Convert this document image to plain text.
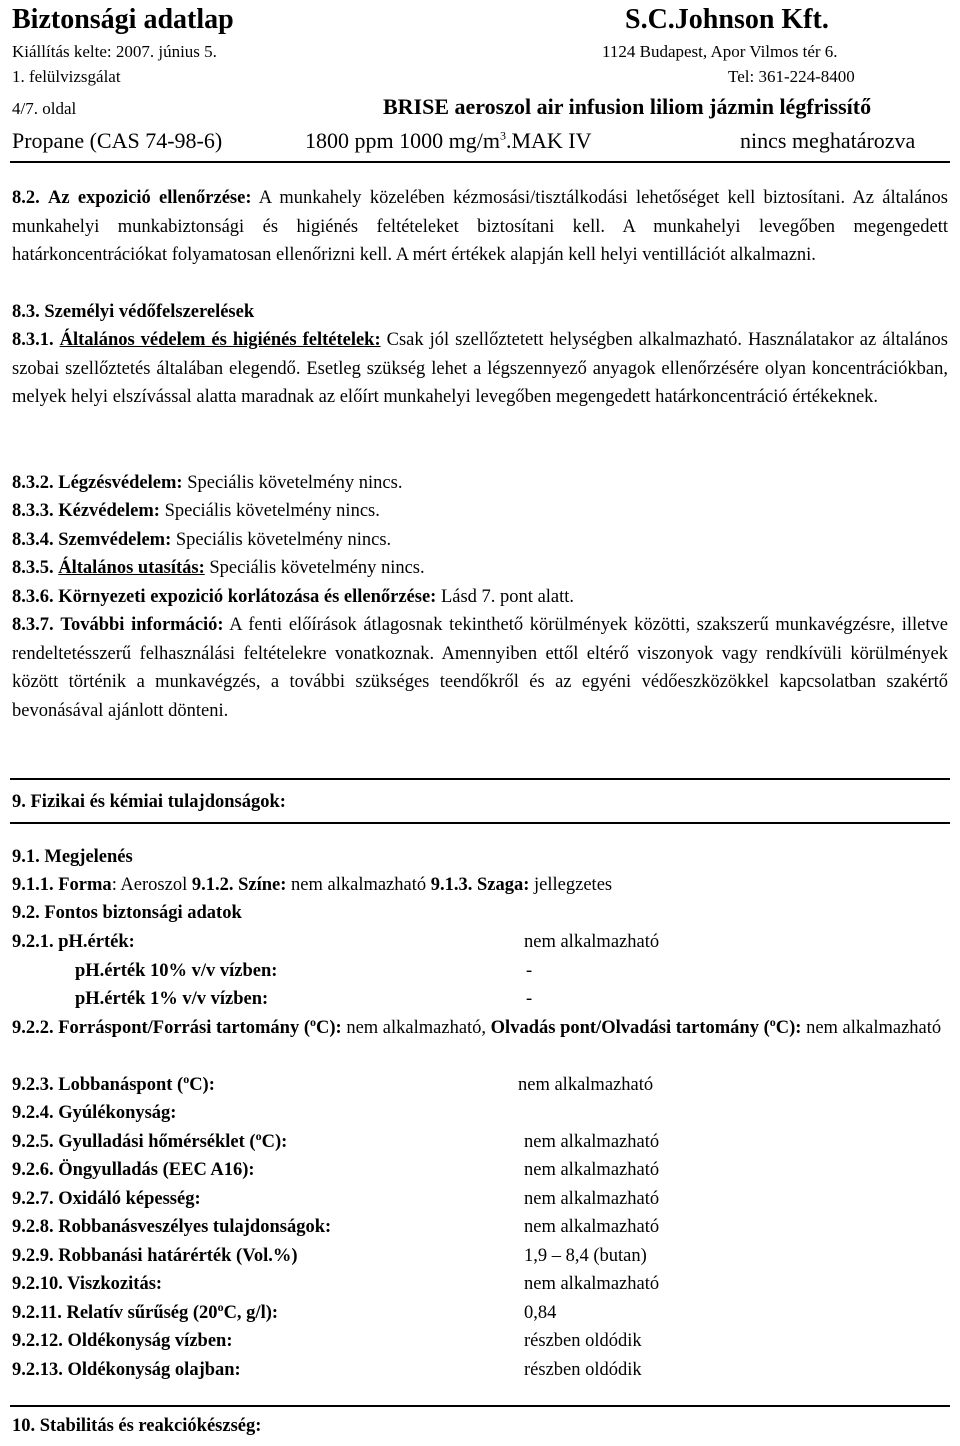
Biztonsági adatlap	S.C.Johnson Kft.
Kiállítás kelte: 2007. június 5.	1124 Budapest, Apor Vilmos tér 6.
1. felülvizsgálat	Tel: 361-224-8400
4/7. oldal	BRISE aeroszol air infusion liliom jázmin légfrissítő
Propane (CAS 74-98-6)	1800 ppm 1000 $mg/m^3.MAK$ IV	nincs meghatározva
8.2. Az expozició ellenőrzése: A munkahely közelében kézmosási/tisztálkodási lehetőséget kell biztosítani. Az általános munkahelyi munkabiztonsági és higiénés feltételeket biztosítani kell. A munkahelyi levegőben megengedett határkoncentrációkat folyamatosan ellenőrizni kell. A mért értékek alapján kell helyi ventillációt alkalmazni.
8.3. Személyi védőfelszerelések
8.3.1. Általános védelem és higiénés feltételek: Csak jól szellőztetett helységben alkalmazható. Használatakor az általános szobai szellőztetés általában elegendő. Esetleg szükség lehet a légszennyező anyagok ellenőrzésére olyan koncentrációkban, melyek helyi elszívással alatta maradnak az előírt munkahelyi levegőben megengedett határkoncentráció értékeknek.
8.3.2. Légzésvédelem: Speciális követelmény nincs.
8.3.3. Kézvédelem: Speciális követelmény nincs.
8.3.4. Szemvédelem: Speciális követelmény nincs.
8.3.5. Általános utasítás: Speciális követelmény nincs.
8.3.6. Környezeti expozició korlátozása és ellenőrzése: Lásd 7. pont alatt.
8.3.7. További információ: A fenti előírások átlagosnak tekinthető körülmények közötti, szakszerű munkavégzésre, illetve rendeltetésszerű felhasználási feltételekre vonatkoznak. Amennyiben ettől eltérő viszonyok vagy rendkívüli körülmények között történik a munkavégzés, a további szükséges teendőkről és az egyéni védőeszközökkel kapcsolatban szakértő bevonásával ajánlott dönteni.
9. Fizikai és kémiai tulajdonságok:
9.1. Megjelenés
9.1.1. Forma: Aeroszol 9.1.2. Színe: nem alkalmazható 9.1.3. Szaga: jellegzetes
9.2. Fontos biztonsági adatok
9.2.1. pH.érték:	nem alkalmazható
pH.érték 10% v/v vízben:	-
pH.érték 1% v/v vízben:	-
9.2.2. Forráspont/Forrási tartomány ($^o$C): nem alkalmazható, Olvadás pont/Olvadási tartomány ($^o$C): nem alkalmazható
9.2.3. Lobbanáspont ($^o$C):	nem alkalmazható
9.2.4. Gyúlékonyság:
9.2.5. Gyulladási hőmérséklet ($^o$C):	nem alkalmazható
9.2.6. Öngyulladás (EEC A16):	nem alkalmazható
9.2.7. Oxidáló képesség:	nem alkalmazható
9.2.8. Robbanásveszélyes tulajdonságok:	nem alkalmazható
9.2.9. Robbanási határérték (Vol.%)	1,9 – 8,4 (butan)
9.2.10. Viszkozitás:	nem alkalmazható
9.2.11. Relatív sűrűség (20$^o$C, g/l):	0,84
9.2.12. Oldékonyság vízben:	részben oldódik
9.2.13. Oldékonyság olajban:	részben oldódik
10. Stabilitás és reakciókészség:
